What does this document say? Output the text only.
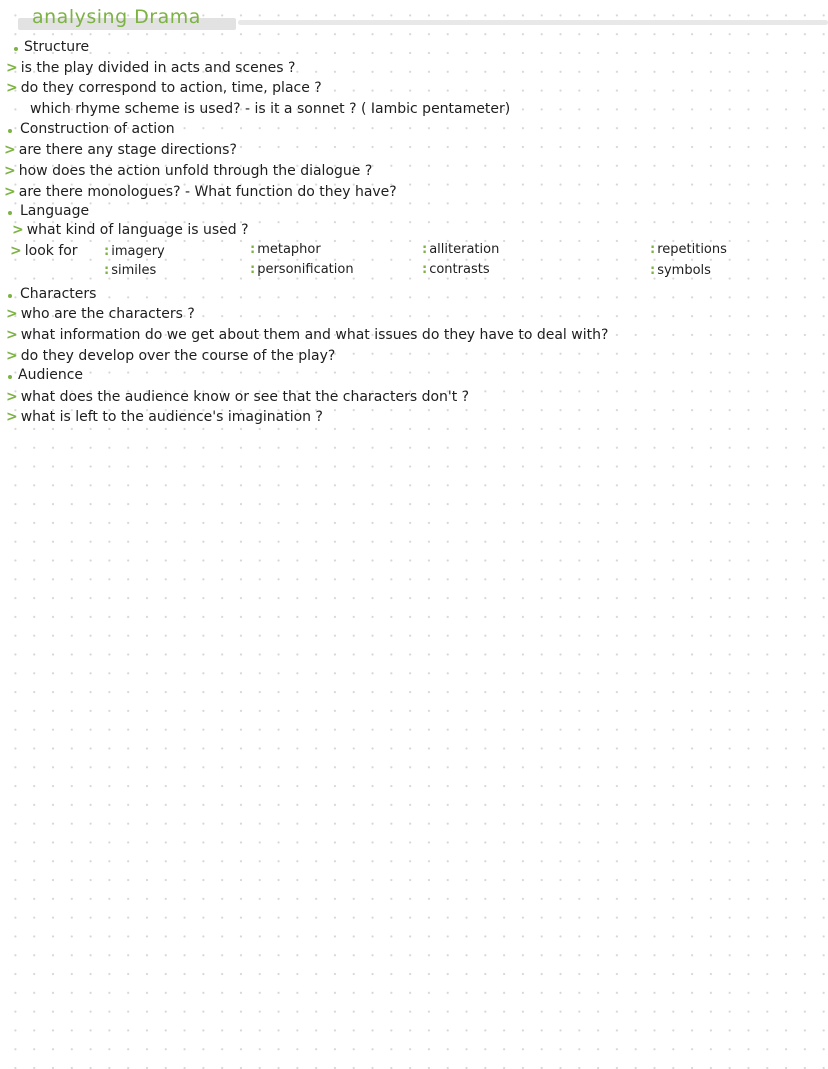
analysing Drama
Structure
> is the play divided in acts and scenes ?
> do they correspond to action, time, place ?
which rhyme scheme is used? - is it a sonnet ? ( Iambic pentameter)
Construction of action
> are there any stage directions?
> how does the action unfold through the dialogue ?
> are there monologues? - What function do they have?
Language
> what kind of language is used ?
> look for : imagery
: similes
: metaphor
: personification
: alliteration
: contrasts
: repetitions
: symbols
Characters
> who are the characters ?
> what information do we get about them and what issues do they have to deal with?
> do they develop over the course of the play?
Audience
> what does the audience know or see that the characters don't ?
> what is left to the audience's imagination ?
